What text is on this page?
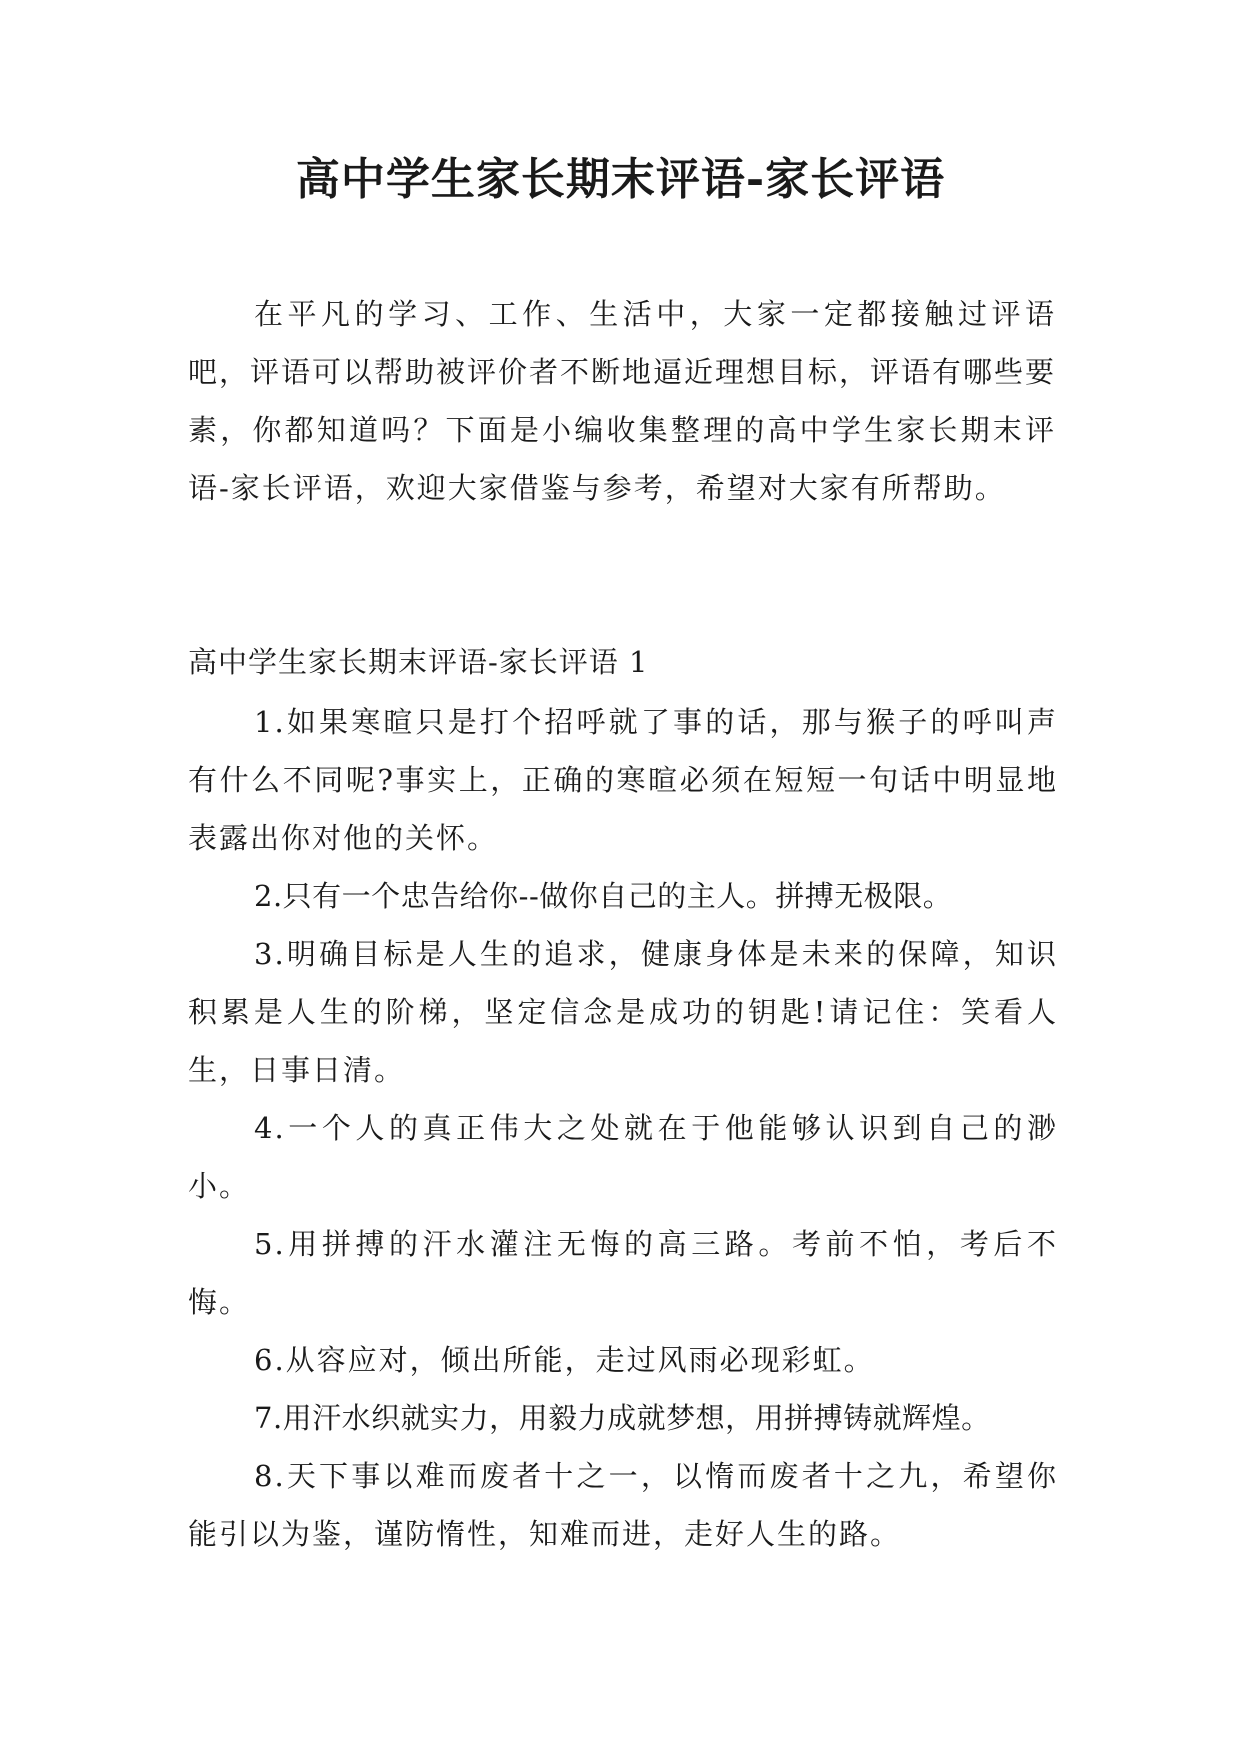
高中学生家长期末评语-家长评语

在平凡的学习、工作、生活中，大家一定都接触过评语吧，评语可以帮助被评价者不断地逼近理想目标，评语有哪些要素，你都知道吗？下面是小编收集整理的高中学生家长期末评语-家长评语，欢迎大家借鉴与参考，希望对大家有所帮助。

高中学生家长期末评语-家长评语 1

1.如果寒暄只是打个招呼就了事的话，那与猴子的呼叫声有什么不同呢?事实上，正确的寒暄必须在短短一句话中明显地表露出你对他的关怀。
2.只有一个忠告给你--做你自己的主人。拼搏无极限。
3.明确目标是人生的追求，健康身体是未来的保障，知识积累是人生的阶梯，坚定信念是成功的钥匙!请记住：笑看人生，日事日清。
4.一个人的真正伟大之处就在于他能够认识到自己的渺小。
5.用拼搏的汗水灌注无悔的高三路。考前不怕，考后不悔。
6.从容应对，倾出所能，走过风雨必现彩虹。
7.用汗水织就实力，用毅力成就梦想，用拼搏铸就辉煌。
8.天下事以难而废者十之一，以惰而废者十之九，希望你能引以为鉴，谨防惰性，知难而进，走好人生的路。
